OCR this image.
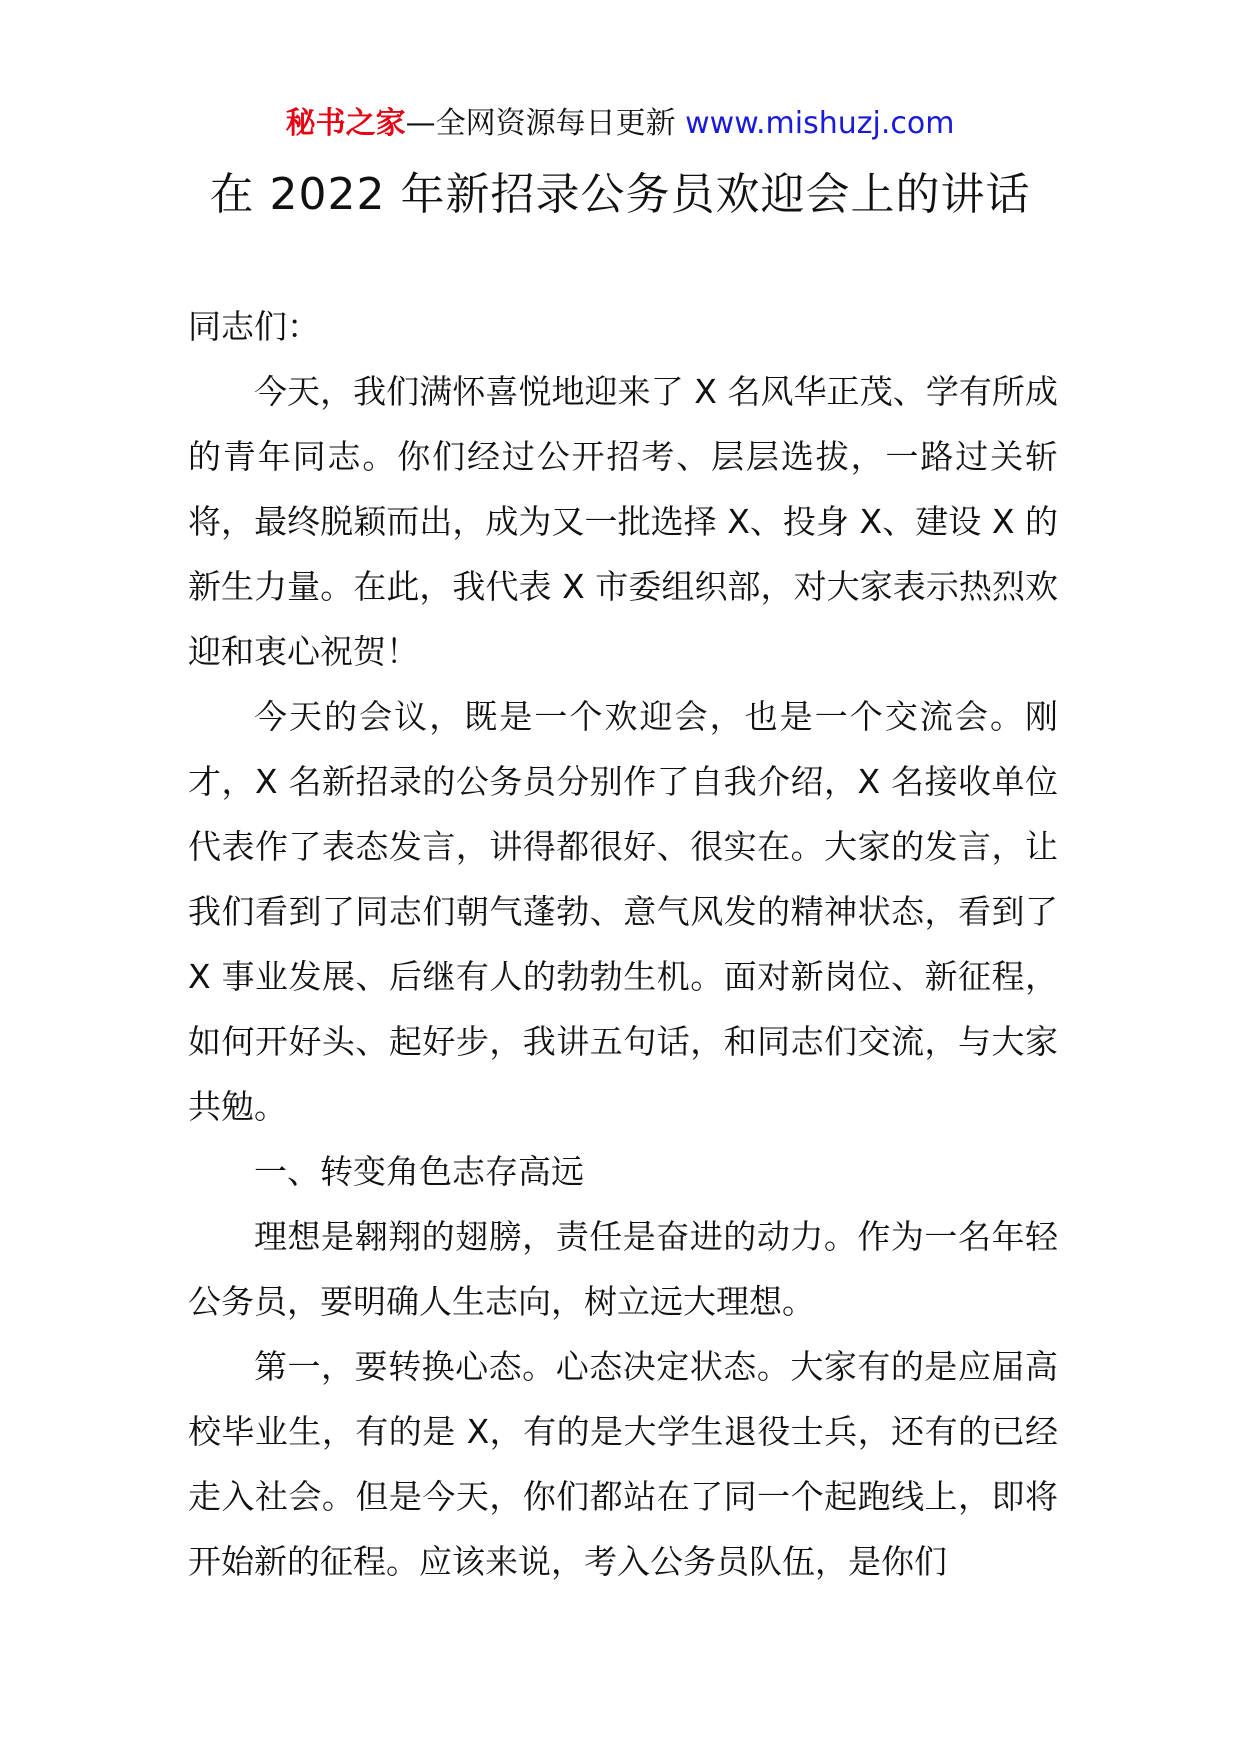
秘书之家—全网资源每日更新 www.mishuzj.com
在 2022 年新招录公务员欢迎会上的讲话

同志们：

今天，我们满怀喜悦地迎来了 X 名风华正茂、学有所成的青年同志。你们经过公开招考、层层选拔，一路过关斩将，最终脱颖而出，成为又一批选择 X、投身 X、建设 X 的新生力量。在此，我代表 X 市委组织部，对大家表示热烈欢迎和衷心祝贺！

今天的会议，既是一个欢迎会，也是一个交流会。刚才，X 名新招录的公务员分别作了自我介绍，X 名接收单位代表作了表态发言，讲得都很好、很实在。大家的发言，让我们看到了同志们朝气蓬勃、意气风发的精神状态，看到了 X 事业发展、后继有人的勃勃生机。面对新岗位、新征程，如何开好头、起好步，我讲五句话，和同志们交流，与大家共勉。

一、转变角色志存高远

理想是翱翔的翅膀，责任是奋进的动力。作为一名年轻公务员，要明确人生志向，树立远大理想。

第一，要转换心态。心态决定状态。大家有的是应届高校毕业生，有的是 X，有的是大学生退役士兵，还有的已经走入社会。但是今天，你们都站在了同一个起跑线上，即将开始新的征程。应该来说，考入公务员队伍，是你们
